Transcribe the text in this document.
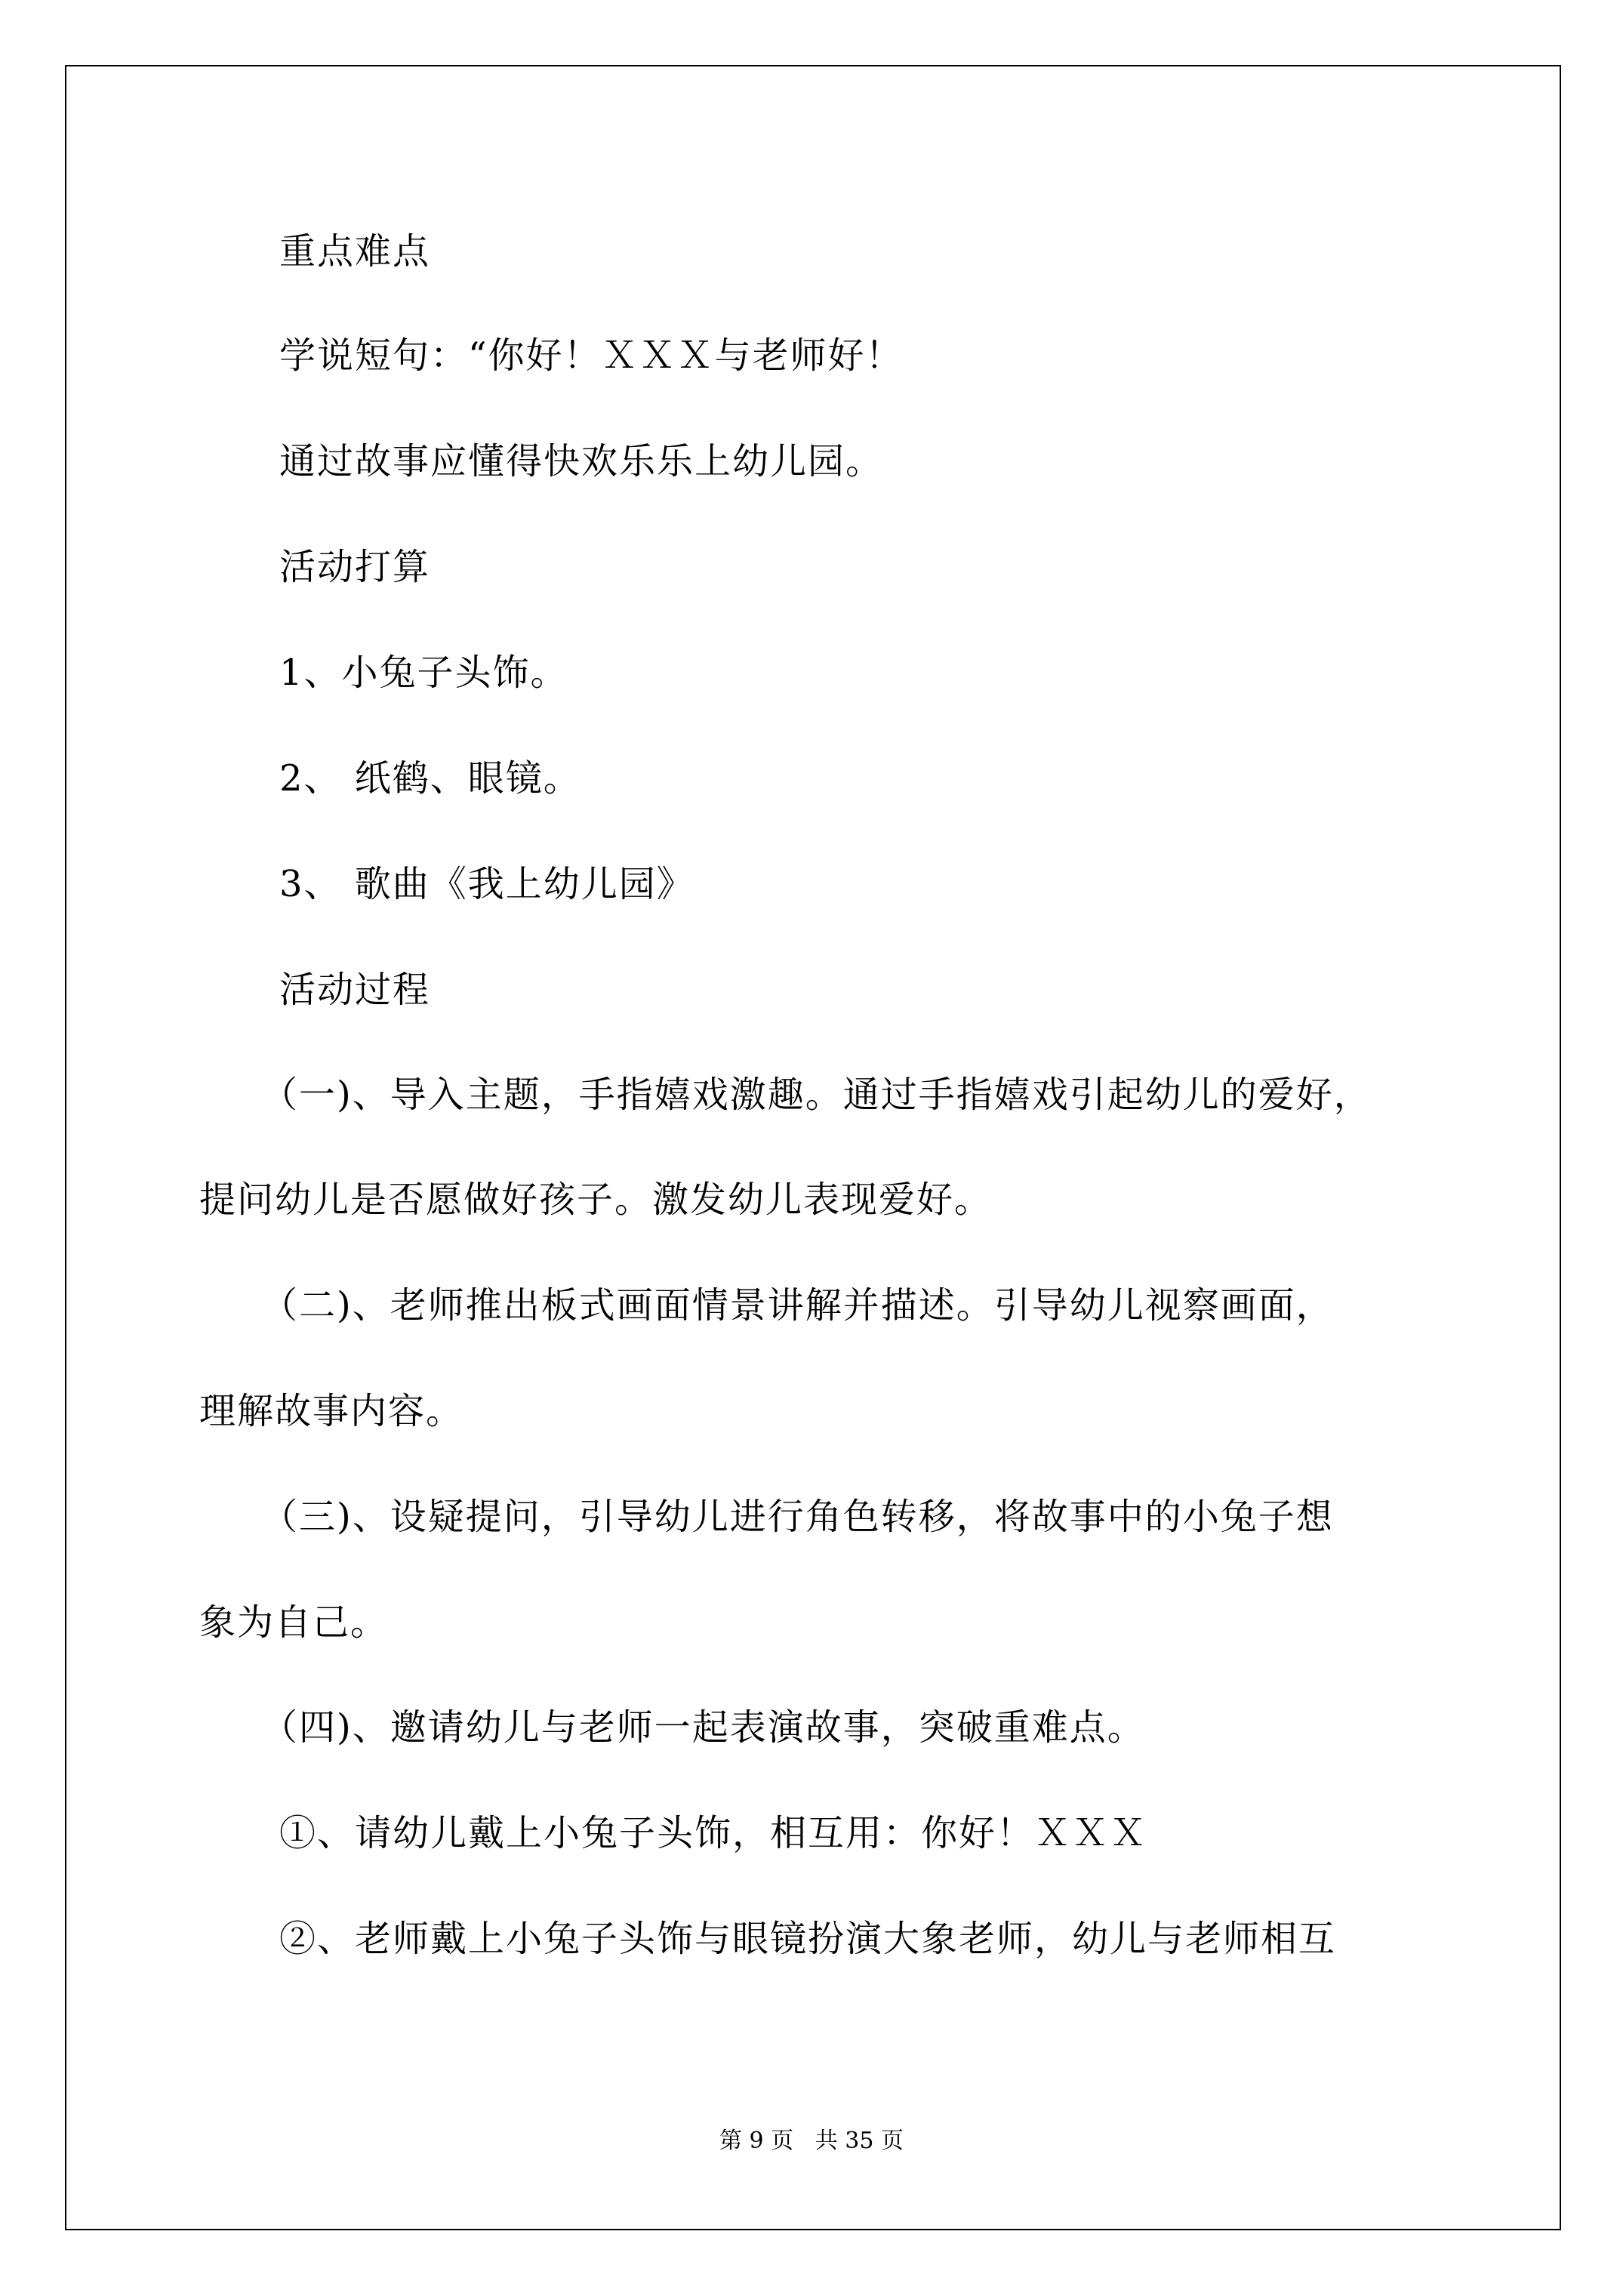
重点难点
学说短句：“你好！ＸＸＸ与老师好！
通过故事应懂得快欢乐乐上幼儿园。
活动打算
1、小兔子头饰。
2、 纸鹤、眼镜。
3、 歌曲《我上幼儿园》
活动过程
（一)、导入主题，手指嬉戏激趣。通过手指嬉戏引起幼儿的爱好，
提问幼儿是否愿做好孩子。激发幼儿表现爱好。
（二)、老师推出板式画面情景讲解并描述。引导幼儿视察画面，
理解故事内容。
（三)、设疑提问，引导幼儿进行角色转移，将故事中的小兔子想
象为自己。
（四)、邀请幼儿与老师一起表演故事，突破重难点。
①、请幼儿戴上小兔子头饰，相互用：你好！ＸＸＸ
②、老师戴上小兔子头饰与眼镜扮演大象老师，幼儿与老师相互
第 9 页   共 35 页
